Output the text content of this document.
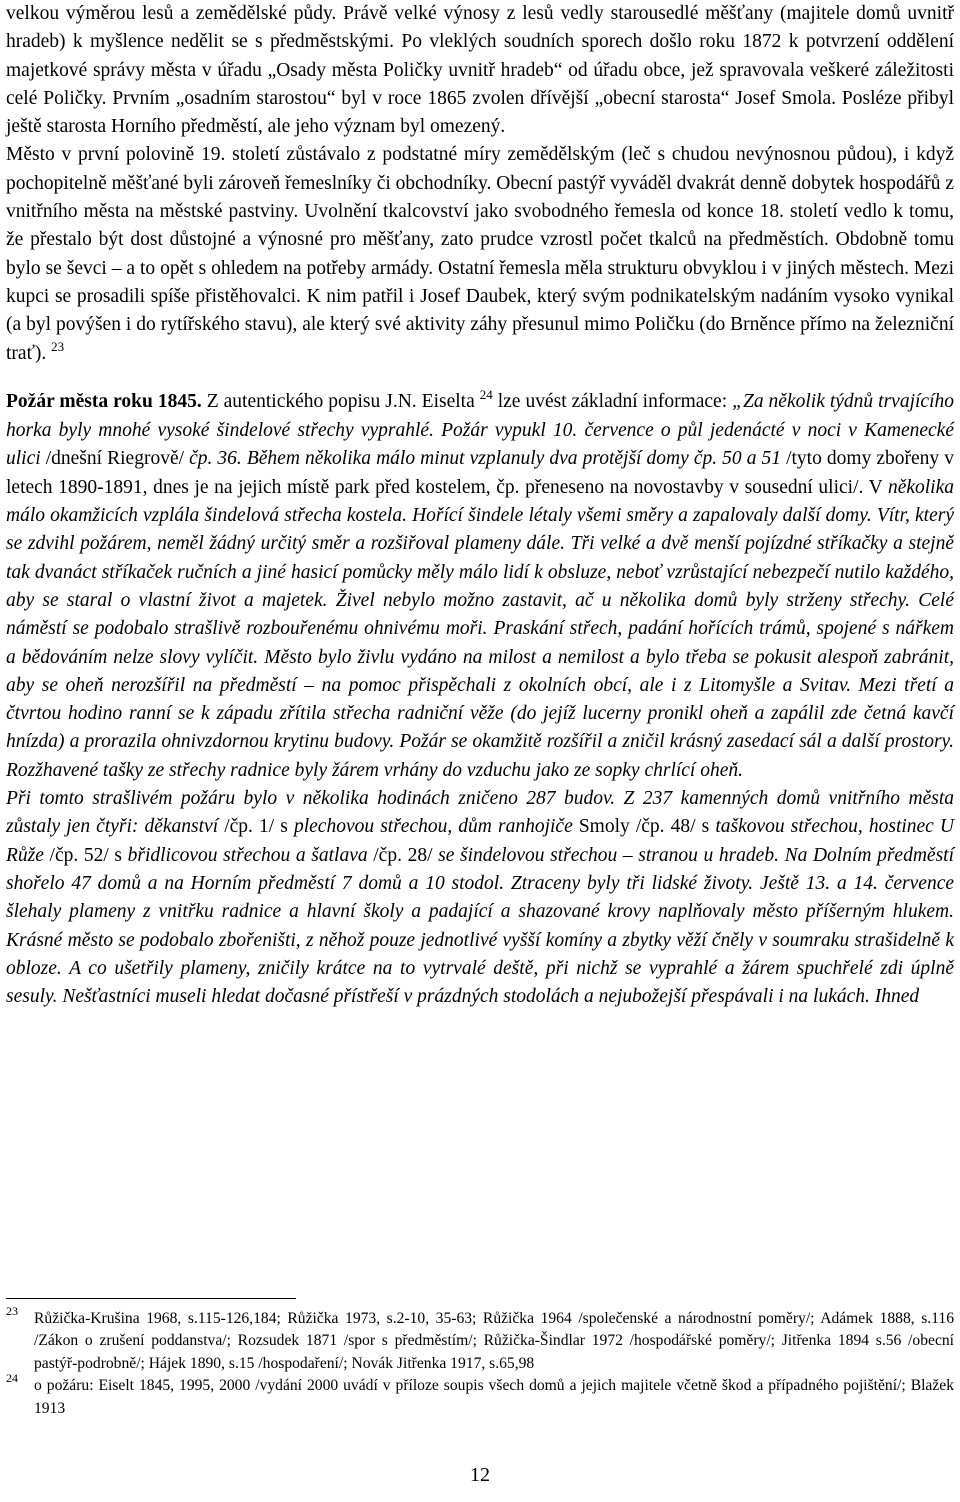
velkou výměrou lesů a zemědělské půdy. Právě velké výnosy z lesů vedly starousedlé měšťany (majitele domů uvnitř hradeb) k myšlence nedělit se s předměstskými. Po vleklých soudních sporech došlo roku 1872 k potvrzení oddělení majetkové správy města v úřadu „Osady města Poličky uvnitř hradeb“ od úřadu obce, jež spravovala veškeré záležitosti celé Poličky. Prvním „osadním starostou“ byl v roce 1865 zvolen dřívější „obecní starosta“ Josef Smola. Posléze přibyl ještě starosta Horního předměstí, ale jeho význam byl omezený.

Město v první polovině 19. století zůstávalo z podstatné míry zemědělským (leč s chudou nevýnosnou půdou), i když pochopitelně měšťané byli zároveň řemeslníky či obchodníky. Obecní pastýř vyváděl dvakrát denně dobytek hospodářů z vnitřního města na městské pastviny. Uvolnění tkalcovství jako svobodného řemesla od konce 18. století vedlo k tomu, že přestalo být dost důstojné a výnosné pro měšťany, zato prudce vzrostl počet tkalců na předměstích. Obdobně tomu bylo se ševci – a to opět s ohledem na potřeby armády. Ostatní řemesla měla strukturu obvyklou i v jiných městech. Mezi kupci se prosadili spíše přistěhovalci. K nim patřil i Josef Daubek, který svým podnikatelským nadáním vysoko vynikal (a byl povýšen i do rytířského stavu), ale který své aktivity záhy přesunul mimo Poličku (do Brněnce přímo na železniční trať). $^{23}$

Požár města roku 1845. Z autentického popisu J.N. Eiselta $^{24}$ lze uvést základní informace: „Za několik týdnů trvajícího horka byly mnohé vysoké šindelové střechy vyprahlé. Požár vypukl 10. července o půl jedenácté v noci v Kamenecké ulici /dnešní Riegrově/ čp. 36. Během několika málo minut vzplanuly dva protější domy čp. 50 a 51 /tyto domy zbořeny v letech 1890-1891, dnes je na jejich místě park před kostelem, čp. přeneseno na novostavby v sousední ulici/. V několika málo okamžicích vzplála šindelová střecha kostela. Hořící šindele létaly všemi směry a zapalovaly další domy. Vítr, který se zdvihl požárem, neměl žádný určitý směr a rozšiřoval plameny dále. Tři velké a dvě menší pojízdné stříkačky a stejně tak dvanáct stříkaček ručních a jiné hasicí pomůcky měly málo lidí k obsluze, neboť vzrůstající nebezpečí nutilo každého, aby se staral o vlastní život a majetek. Živel nebylo možno zastavit, ač u několika domů byly strženy střechy. Celé náměstí se podobalo strašlivě rozbouřenému ohnivému moři. Praskání střech, padání hořících trámů, spojené s nářkem a bědováním nelze slovy vylíčit. Město bylo živlu vydáno na milost a nemilost a bylo třeba se pokusit alespoň zabránit, aby se oheň nerozšířil na předměstí – na pomoc přispěchali z okolních obcí, ale i z Litomyšle a Svitav. Mezi třetí a čtvrtou hodino ranní se k západu zřítila střecha radniční věže (do jejíž lucerny pronikl oheň a zapálil zde četná kavčí hnízda) a prorazila ohnivzdornou krytinu budovy. Požár se okamžitě rozšířil a zničil krásný zasedací sál a další prostory. Rozžhavené tašky ze střechy radnice byly žárem vrhány do vzduchu jako ze sopky chrlící oheň.

Při tomto strašlivém požáru bylo v několika hodinách zničeno 287 budov. Z 237 kamenných domů vnitřního města zůstaly jen čtyři: děkanství /čp. 1/ s plechovou střechou, dům ranhojiče Smoly /čp. 48/ s taškovou střechou, hostinec U Růže /čp. 52/ s břidlicovou střechou a šatlava /čp. 28/ se šindelovou střechou – stranou u hradeb. Na Dolním předměstí shořelo 47 domů a na Horním předměstí 7 domů a 10 stodol. Ztraceny byly tři lidské životy. Ještě 13. a 14. července šlehaly plameny z vnitřku radnice a hlavní školy a padající a shazované krovy naplňovaly město příšerným hlukem. Krásné město se podobalo zbořeništi, z něhož pouze jednotlivé vyšší komíny a zbytky věží čněly v soumraku strašidelně k obloze. A co ušetřily plameny, zničily krátce na to vytrvalé deště, při nichž se vyprahlé a žárem spuchřelé zdi úplně sesuly. Nešťastníci museli hledat dočasné přístřeší v prázdných stodolách a nejubožejší přespávali i na lukách. Ihned

23 Růžička-Krušina 1968, s.115-126,184; Růžička 1973, s.2-10, 35-63; Růžička 1964 /společenské a národnostní poměry/; Adámek 1888, s.116 /Zákon o zrušení poddanstva/; Rozsudek 1871 /spor s předměstím/; Růžička-Šindlar 1972 /hospodářské poměry/; Jitřenka 1894 s.56 /obecní pastýř-podrobně/; Hájek 1890, s.15 /hospodaření/; Novák Jitřenka 1917, s.65,98
24 o požáru: Eiselt 1845, 1995, 2000 /vydání 2000 uvádí v příloze soupis všech domů a jejich majitele včetně škod a případného pojištění/; Blažek 1913
12
